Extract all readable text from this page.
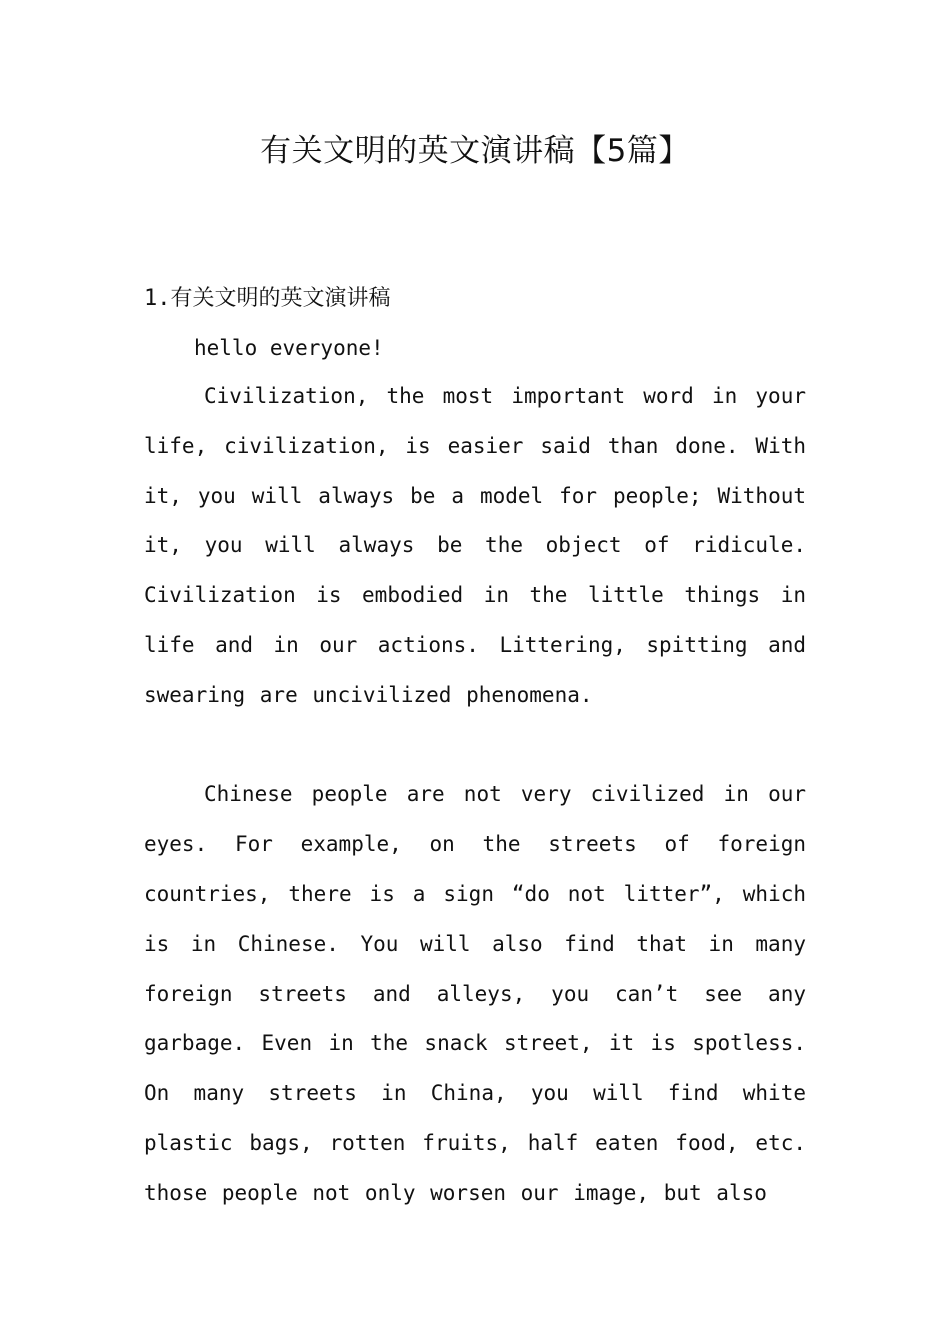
有关文明的英文演讲稿【5篇】

1.有关文明的英文演讲稿

hello everyone!

Civilization, the most important word in your life, civilization, is easier said than done. With it, you will always be a model for people; Without it, you will always be the object of ridicule. Civilization is embodied in the little things in life and in our actions. Littering, spitting and swearing are uncivilized phenomena.

Chinese people are not very civilized in our eyes. For example, on the streets of foreign countries, there is a sign “do not litter”, which is in Chinese. You will also find that in many foreign streets and alleys, you can’t see any garbage. Even in the snack street, it is spotless. On many streets in China, you will find white plastic bags, rotten fruits, half eaten food, etc. those people not only worsen our image, but also
